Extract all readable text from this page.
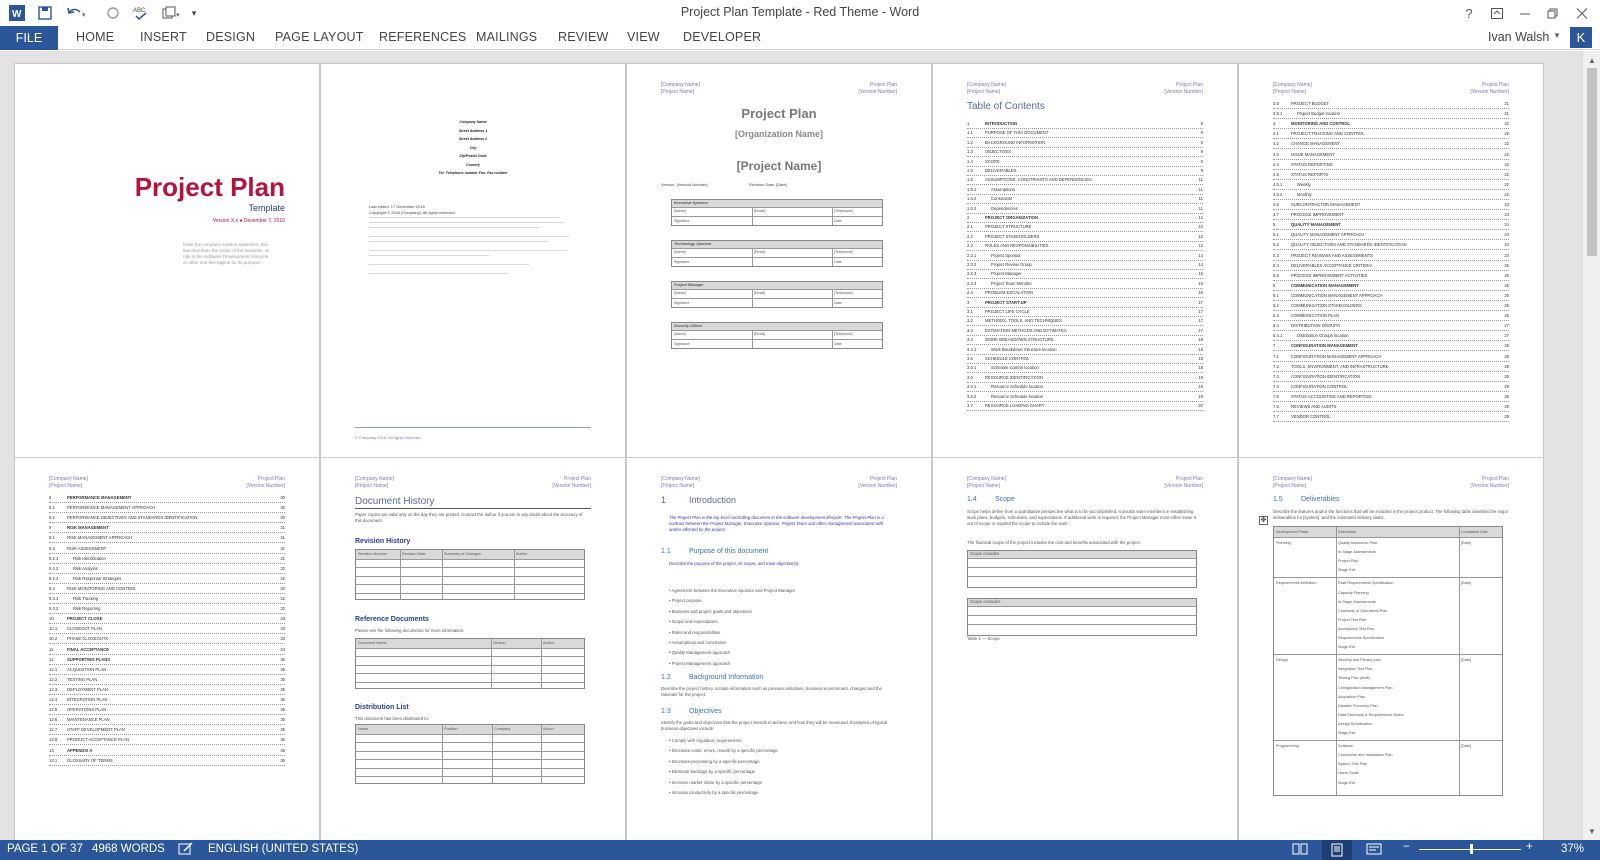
W	▾
ABC
▾	▾	Project Plan Template - Red Theme - Word	?
FILE	HOME INSERT DESIGN PAGE LAYOUT REFERENCES MAILINGS REVIEW VIEW DEVELOPER	Ivan Walsh ▼	K
Project Plan
Template
Version X.x ● December 7, 2016
Enter the company mission statement, this line describes the vision of the business, its role in the Software Development Lifecycle, or other one-line tagline for its purpose.
Company Name
Street Address 1
Street Address 2
City
Zip/Postal Code
Country
Tel: Telephone number Fax: Fax number
Last edited: 17 December 2016
Copyright © 2016 [Company]. All rights reserved.
© Company 2016. All rights reserved.
[Company Name]
[Project Name]
Project Plan
[Version Number]
Project Plan
[Organization Name]
[Project Name]
Version: [Version Number]	Revision Date: [Date]
Executive Sponsor
[Name]	[Email]	[Telephone]
Signature	Date
Technology Sponsor
[Name]	[Email]	[Telephone]
Signature	Date
Project Manager
[Name]	[Email]	[Telephone]
Signature	Date
Security Officer
[Name]	[Email]	[Telephone]
Signature	Date
[Company Name]
[Project Name]
Project Plan
[Version Number]
Table of Contents
1	INTRODUCTION	9
1.1	PURPOSE OF THIS DOCUMENT	9
1.2	BACKGROUND INFORMATION	9
1.3	OBJECTIVES	9
1.4	SCOPE	9
1.5	DELIVERABLES	9
1.6	ASSUMPTIONS, CONSTRAINTS AND DEPENDENCIES	11
1.6.1	Assumptions	11
1.6.2	Constraints	11
1.6.3	Dependencies	11
2	PROJECT ORGANIZATION	12
2.1	PROJECT STRUCTURE	12
2.2	PROJECT STAKEHOLDERS	12
2.3	ROLES AND RESPONSIBILITIES	12
2.3.1	Project Sponsor	14
2.3.2	Project Review Group	14
2.3.3	Project Manager	15
2.3.4	Project Team Member	15
2.4	PROBLEM ESCALATION	16
3	PROJECT START-UP	17
3.1	PROJECT LIFE CYCLE	17
3.2	METHODS, TOOLS, AND TECHNIQUES	17
3.3	ESTIMATION METHODS AND ESTIMATES	17
3.4	WORK BREAKDOWN STRUCTURE	18
3.4.1	Work Breakdown Structure location	18
3.5	SCHEDULE CONTROL	18
3.5.1	Schedule Control location	18
3.6	RESOURCE IDENTIFICATION	19
3.6.1	Resource Schedule location	19
3.6.2	Resource Schedule location	19
3.7	RESOURCE LOADING CHART	20
[Company Name]
[Project Name]
Project Plan
[Version Number]
3.8	PROJECT BUDGET	21
3.8.1	Project Budget location	21
4	MONITORING AND CONTROL	22
4.1	PROJECT TRACKING AND CONTROL	22
4.2	CHANGE MANAGEMENT	22
4.3	ISSUE MANAGEMENT	22
4.4	STATUS REPORTING	22
4.5	STATUS REPORTS	22
4.5.1	Weekly	22
4.5.2	Monthly	22
4.6	SUBCONTRACTOR MANAGEMENT	23
4.7	PROCESS IMPROVEMENT	23
5	QUALITY MANAGEMENT	24
5.1	QUALITY MANAGEMENT APPROACH	24
5.2	QUALITY OBJECTIVES AND STANDARDS IDENTIFICATION	24
5.3	PROJECT REVIEWS AND ASSESSMENTS	24
5.4	DELIVERABLES ACCEPTANCE CRITERIA	25
5.5	PROCESS IMPROVEMENT ACTIVITIES	25
6	COMMUNICATION MANAGEMENT	26
6.1	COMMUNICATION MANAGEMENT APPROACH	26
6.2	COMMUNICATION STAKEHOLDERS	26
6.3	COMMUNICATION PLAN	26
6.4	DISTRIBUTION GROUPS	27
6.4.1	Distribution Groups location	27
7	CONFIGURATION MANAGEMENT	28
7.1	CONFIGURATION MANAGEMENT APPROACH	28
7.2	TOOLS, ENVIRONMENT, AND INFRASTRUCTURE	28
7.3	CONFIGURATION IDENTIFICATION	28
7.4	CONFIGURATION CONTROL	28
7.5	STATUS ACCOUNTING AND REPORTING	29
7.6	REVIEWS AND AUDITS	29
7.7	VENDOR CONTROL	29
[Company Name]
[Project Name]
Project Plan
[Version Number]
8	PERFORMANCE MANAGEMENT	30
8.1	PERFORMANCE MANAGEMENT APPROACH	30
8.2	PERFORMANCE OBJECTIVES AND STANDARDS IDENTIFICATION	30
9	RISK MANAGEMENT	31
9.1	RISK MANAGEMENT APPROACH	31
9.2	RISK ASSESSMENT	31
9.2.1	Risk Identification	31
9.2.2	Risk Analysis	32
9.2.3	Risk Response Strategies	32
9.3	RISK MONITORING AND CONTROL	32
9.3.1	Risk Tracking	32
9.3.2	Risk Reporting	32
10	PROJECT CLOSE	33
10.1	CLOSEOUT PLAN	33
10.2	PHASE CLOSEOUTS	33
11	FINAL ACCEPTANCE	34
12	SUPPORTING PLANS	35
12.1	ACQUISITION PLAN	35
12.2	TESTING PLAN	35
12.3	DEPLOYMENT PLAN	35
12.4	INTEGRATION PLAN	35
12.5	OPERATIONS PLAN	35
12.6	MAINTENANCE PLAN	35
12.7	STAFF DEVELOPMENT PLAN	35
12.8	PRODUCT ACCEPTANCE PLAN	35
13	APPENDIX A	36
13.1	GLOSSARY OF TERMS	36
[Company Name]
[Project Name]
Project Plan
[Version Number]
Document History
Paper copies are valid only on the day they are printed. Contact the author if you are in any doubt about the accuracy of this document.
Revision History
Reference Documents
Please see the following documents for more information:
Distribution List
This document has been distributed to:
Revision Number	Revision Date	Summary of Changes	Author
Document Name	Version	Author
Name	Position	Company	Action
[Company Name]
[Project Name]
Project Plan
[Version Number]
1	Introduction
The Project Plan is the top level controlling document in the software development lifecycle. The Project Plan is a contract between the Project Manager, Executive Sponsor, Project Team and other management associated with and/or affected by the project.
1.1	Purpose of this document
Describe the purpose of the project, its scope, and main objective(s).
1.2	Background Information
Describe the project history, include information such as previous initiatives, business environment, changes and the rationale for the project.
1.3	Objectives
Identify the goals and objectives that the project intends to achieve and how they will be measured. Examples of typical business objectives include:
• Agreement between the Executive Sponsor and Project Manager
• Project purpose
• Business and project goals and objectives
• Scope and expectations
• Roles and responsibilities
• Assumptions and constraints
• Quality Management approach
• Project Management approach
• Comply with regulatory requirements
• Decrease costs, errors, rework by a specific percentage
• Decrease processing by a specific percentage
• Eliminate backlogs by a specific percentage
• Increase market share by a specific percentage
• Increase productivity by a specific percentage
[Company Name]
[Project Name]
Project Plan
[Version Number]
1.4	Scope
Scope helps define from a quantitative perspective what is to be accomplished. It assists team members in establishing work plans, budgets, schedules, and expectations. If additional work is required, the Project Manager must either lower it out of scope or expand the scope to include the work.
The financial scope of the project includes the cost and benefits associated with the project.
Scope includes
Scope excludes
Table 1 — Scope
[Company Name]
[Project Name]
Project Plan
[Version Number]
1.5	Deliverables
Describe the features and/or the functions that will be included in the project product. The following table identifies the major deliverables for [system], and the estimated delivery dates.
✥
Development Phase	Deliverable	Completion Date
Planning	Quality Assurance Plan
In-Stage Assessments
Project Plan
Stage Exit
[Date]
Requirements Definition	Draft Requirements Specification
Capacity Planning
In-Stage Assessments
Continuity of Operations Plan
Project Test Plan
Acceptance Test Plan
Requirements Specification
Stage Exit
[Date]
Design	Security and Privacy plan
Integration Test Plan
Testing Plan (draft)
Configuration Management Plan
Acquisition Plan
Disaster Recovery Plan
Data Dictionary & Requirements Matrix
Design Specification
Stage Exit
[Date]
Programming	Software
Conversion and Installation Plan
System Test Plan
Users Guide
Stage Exit
[Date]
▲
▼
PAGE 1 OF 37 4968 WORDS	ENGLISH (UNITED STATES)	−	+ 37%
